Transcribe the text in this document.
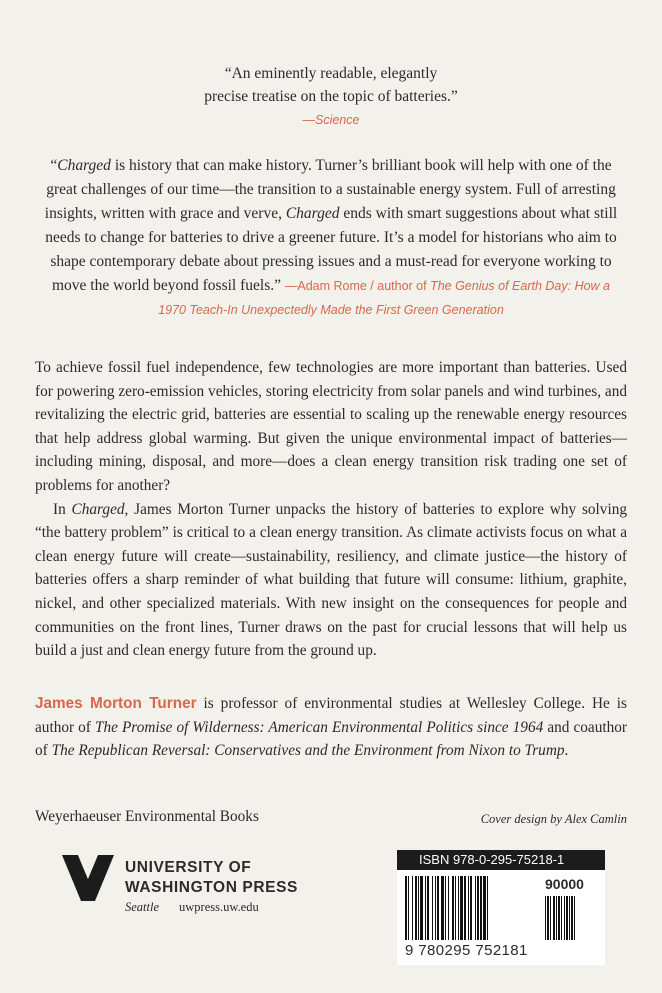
“An eminently readable, elegantly
precise treatise on the topic of batteries.”
—Science
“Charged is history that can make history. Turner’s brilliant book will help with one of the great challenges of our time—the transition to a sustainable energy system. Full of arresting insights, written with grace and verve, Charged ends with smart suggestions about what still needs to change for batteries to drive a greener future. It’s a model for historians who aim to shape contemporary debate about pressing issues and a must-read for everyone working to move the world beyond fossil fuels.” —Adam Rome / author of The Genius of Earth Day: How a 1970 Teach-In Unexpectedly Made the First Green Generation

To achieve fossil fuel independence, few technologies are more important than batteries. Used for powering zero-emission vehicles, storing electricity from solar panels and wind turbines, and revitalizing the electric grid, batteries are essential to scaling up the renewable energy resources that help address global warming. But given the unique environmental impact of batteries—including mining, disposal, and more—does a clean energy transition risk trading one set of problems for another?

In Charged, James Morton Turner unpacks the history of batteries to explore why solving “the battery problem” is critical to a clean energy transition. As climate activists focus on what a clean energy future will create—sustainability, resiliency, and climate justice—the history of batteries offers a sharp reminder of what building that future will consume: lithium, graphite, nickel, and other specialized materials. With new insight on the consequences for people and communities on the front lines, Turner draws on the past for crucial lessons that will help us build a just and clean energy future from the ground up.

James Morton Turner is professor of environmental studies at Wellesley College. He is author of The Promise of Wilderness: American Environmental Politics since 1964 and coauthor of The Republican Reversal: Conservatives and the Environment from Nixon to Trump.
Weyerhaeuser Environmental Books	Cover design by Alex Camlin
UNIVERSITY OF
WASHINGTON PRESS
Seattle uwpress.uw.edu
ISBN 978-0-295-75218-1
90000
9 780295 752181
